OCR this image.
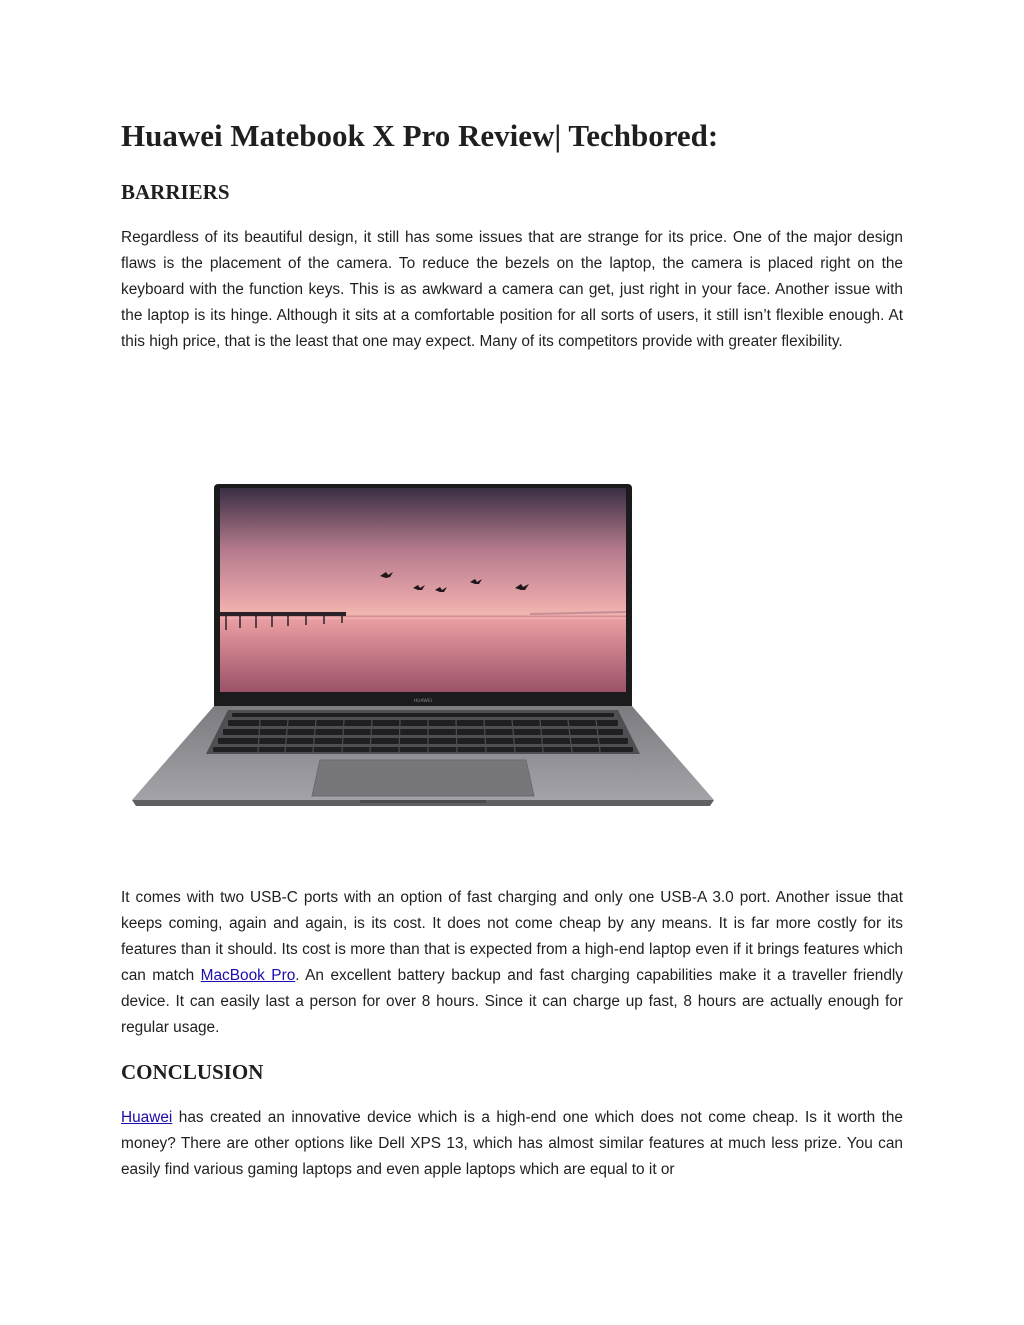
Huawei Matebook X Pro Review| Techbored:
BARRIERS

Regardless of its beautiful design, it still has some issues that are strange for its price. One of the major design flaws is the placement of the camera. To reduce the bezels on the laptop, the camera is placed right on the keyboard with the function keys. This is as awkward a camera can get, just right in your face. Another issue with the laptop is its hinge. Although it sits at a comfortable position for all sorts of users, it still isn’t flexible enough. At this high price, that is the least that one may expect. Many of its competitors provide with greater flexibility.

HUAWEI

It comes with two USB-C ports with an option of fast charging and only one USB-A 3.0 port. Another issue that keeps coming, again and again, is its cost. It does not come cheap by any means. It is far more costly for its features than it should. Its cost is more than that is expected from a high-end laptop even if it brings features which can match MacBook Pro. An excellent battery backup and fast charging capabilities make it a traveller friendly device. It can easily last a person for over 8 hours. Since it can charge up fast, 8 hours are actually enough for regular usage.

CONCLUSION

Huawei has created an innovative device which is a high-end one which does not come cheap. Is it worth the money? There are other options like Dell XPS 13, which has almost similar features at much less prize. You can easily find various gaming laptops and even apple laptops which are equal to it or
